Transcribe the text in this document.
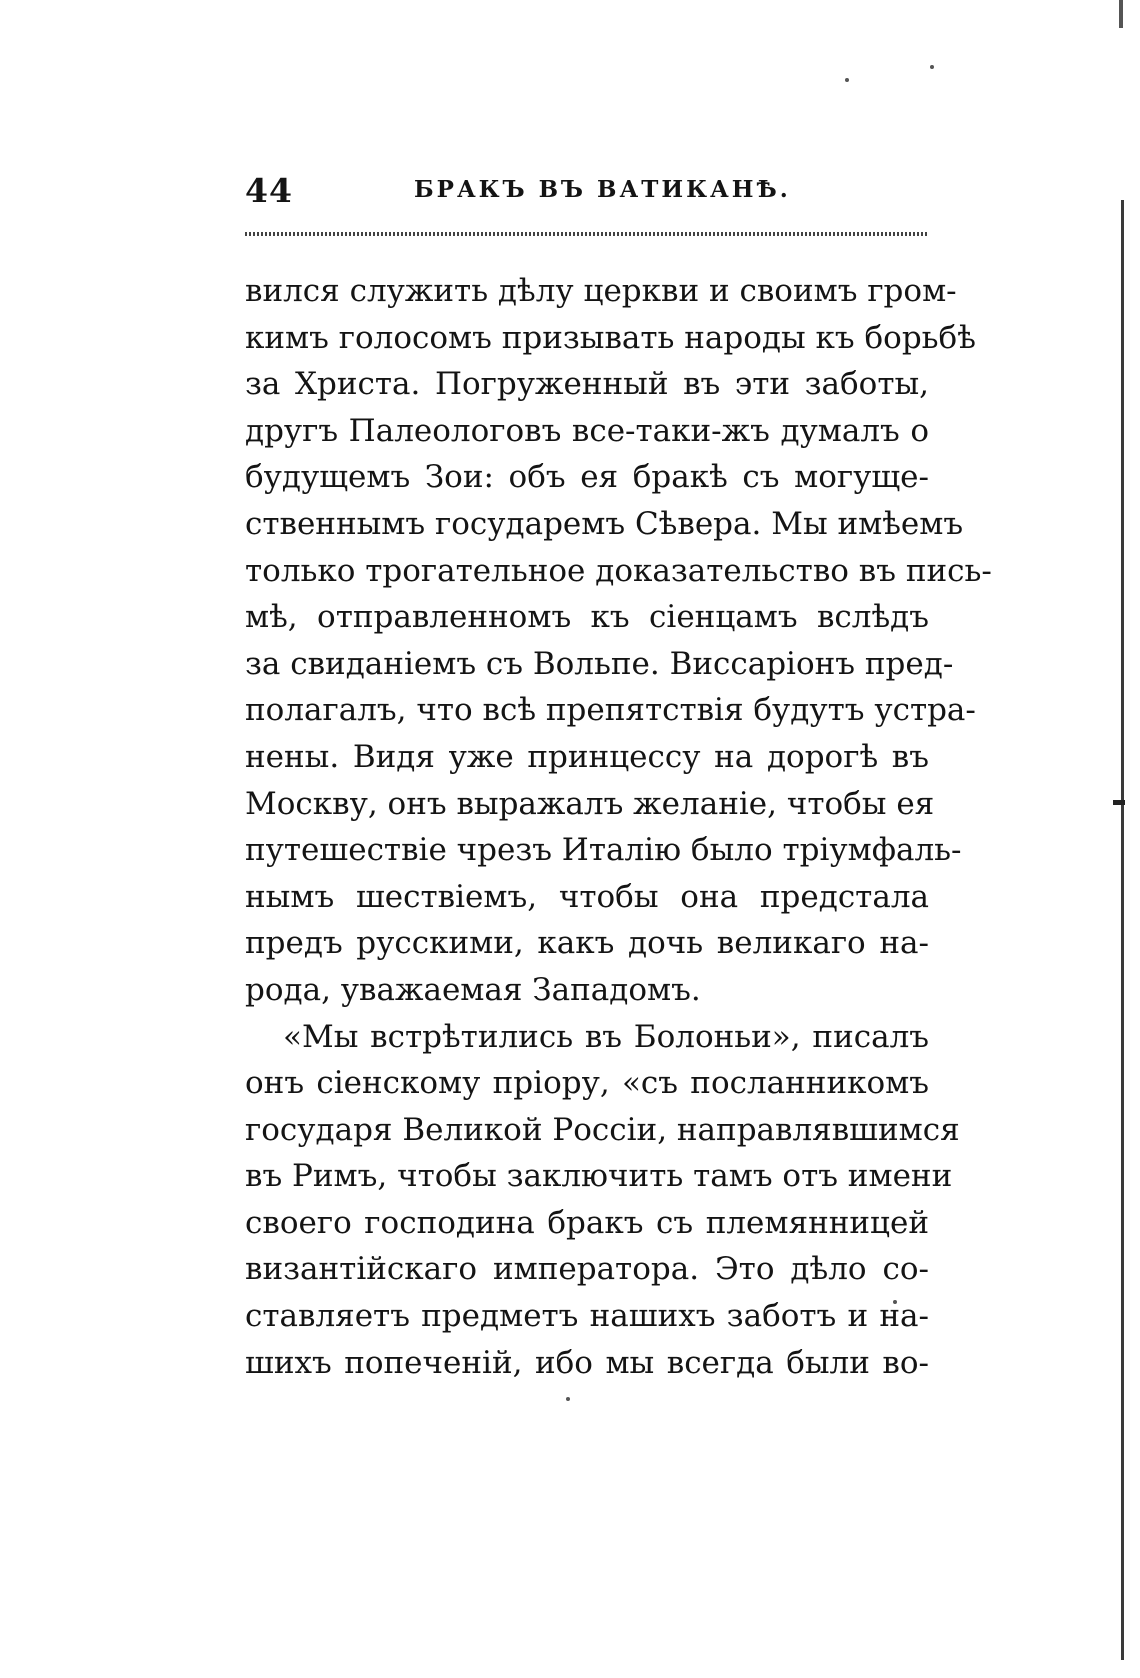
44	БРАКЪ ВЪ ВАТИКАНѢ.
вился служить дѣлу церкви и своимъ гром-
кимъ голосомъ призывать народы къ борьбѣ
за Христа. Погруженный въ эти заботы,
другъ Палеологовъ все-таки-жъ думалъ о
будущемъ Зои: объ ея бракѣ съ могуще-
ственнымъ государемъ Сѣвера. Мы имѣемъ
только трогательное доказательство въ пись-
мѣ, отправленномъ къ сіенцамъ вслѣдъ
за свиданіемъ съ Вольпе. Виссаріонъ пред-
полагалъ, что всѣ препятствія будутъ устра-
нены. Видя уже принцессу на дорогѣ въ
Москву, онъ выражалъ желаніе, чтобы ея
путешествіе чрезъ Италію было тріумфаль-
нымъ шествіемъ, чтобы она предстала
предъ русскими, какъ дочь великаго на-
рода, уважаемая Западомъ.
«Мы встрѣтились въ Болоньи», писалъ
онъ сіенскому пріору, «съ посланникомъ
государя Великой Россіи, направлявшимся
въ Римъ, чтобы заключить тамъ отъ имени
своего господина бракъ съ племянницей
византійскаго императора. Это дѣло со-
ставляетъ предметъ нашихъ заботъ и на-
шихъ попеченій, ибо мы всегда были во-
